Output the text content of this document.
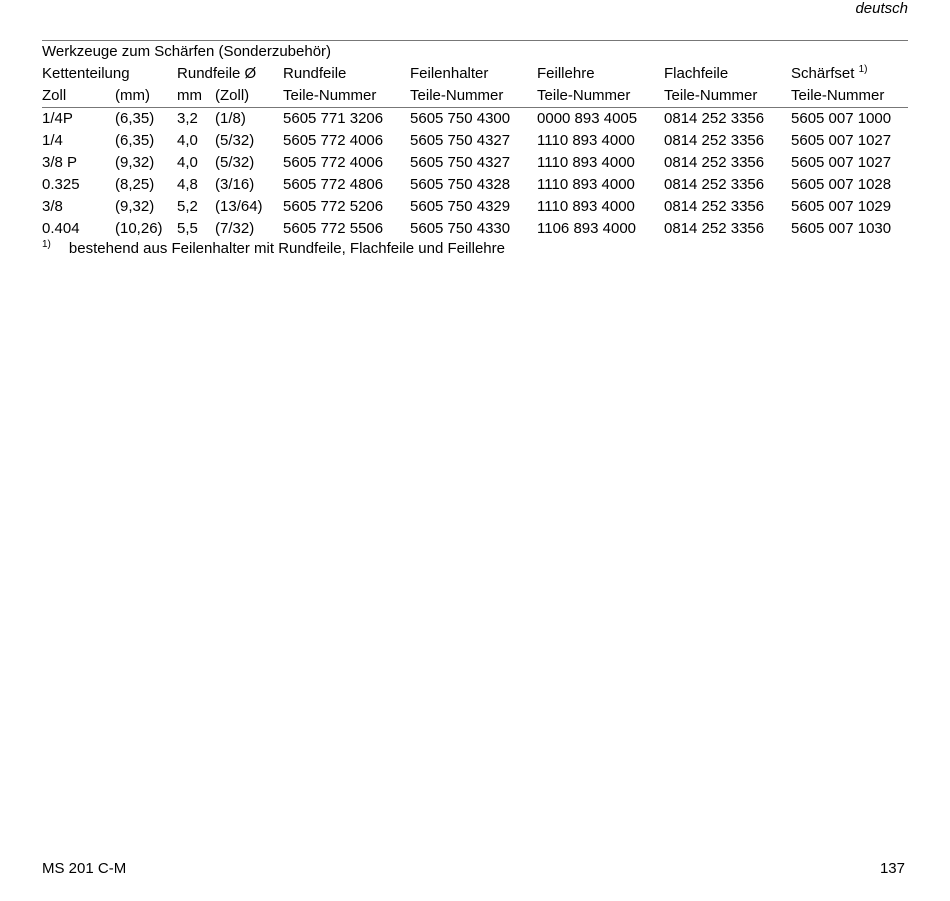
deutsch
Werkzeuge zum Schärfen (Sonderzubehör)
Kettenteilung		Rundfeile Ø		Rundfeile	Feilenhalter	Feillehre	Flachfeile	Schärfset $^{1)}$
Zoll	(mm)	mm	(Zoll)	Teile-Nummer	Teile-Nummer	Teile-Nummer	Teile-Nummer	Teile-Nummer
1/4P	(6,35)	3,2	(1/8)	5605 771 3206	5605 750 4300	0000 893 4005	0814 252 3356	5605 007 1000
1/4	(6,35)	4,0	(5/32)	5605 772 4006	5605 750 4327	1110 893 4000	0814 252 3356	5605 007 1027
3/8 P	(9,32)	4,0	(5/32)	5605 772 4006	5605 750 4327	1110 893 4000	0814 252 3356	5605 007 1027
0.325	(8,25)	4,8	(3/16)	5605 772 4806	5605 750 4328	1110 893 4000	0814 252 3356	5605 007 1028
3/8	(9,32)	5,2	(13/64)	5605 772 5206	5605 750 4329	1110 893 4000	0814 252 3356	5605 007 1029
0.404	(10,26)	5,5	(7/32)	5605 772 5506	5605 750 4330	1106 893 4000	0814 252 3356	5605 007 1030
$^{1)}$ bestehend aus Feilenhalter mit Rundfeile, Flachfeile und Feillehre
MS 201 C-M	137
